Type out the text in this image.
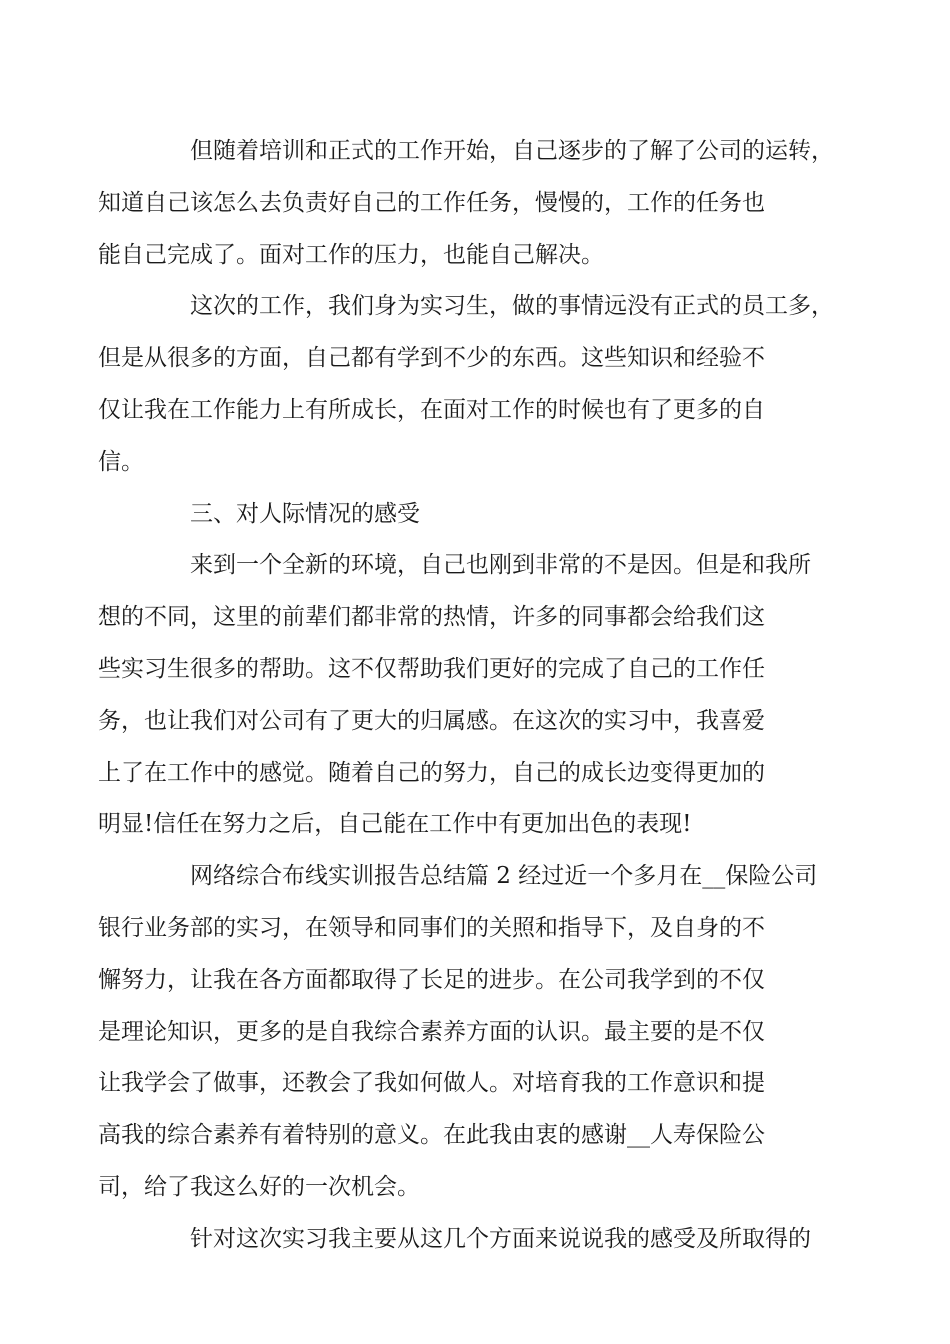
但随着培训和正式的工作开始，自己逐步的了解了公司的运转，
知道自己该怎么去负责好自己的工作任务，慢慢的，工作的任务也
能自己完成了。面对工作的压力，也能自己解决。

这次的工作，我们身为实习生，做的事情远没有正式的员工多，
但是从很多的方面，自己都有学到不少的东西。这些知识和经验不
仅让我在工作能力上有所成长，在面对工作的时候也有了更多的自
信。

三、对人际情况的感受

来到一个全新的环境，自己也刚到非常的不是因。但是和我所
想的不同，这里的前辈们都非常的热情，许多的同事都会给我们这
些实习生很多的帮助。这不仅帮助我们更好的完成了自己的工作任
务，也让我们对公司有了更大的归属感。在这次的实习中，我喜爱
上了在工作中的感觉。随着自己的努力，自己的成长边变得更加的
明显!信任在努力之后，自己能在工作中有更加出色的表现!

网络综合布线实训报告总结篇 2 经过近一个多月在__保险公司
银行业务部的实习，在领导和同事们的关照和指导下，及自身的不
懈努力，让我在各方面都取得了长足的进步。在公司我学到的不仅
是理论知识，更多的是自我综合素养方面的认识。最主要的是不仅
让我学会了做事，还教会了我如何做人。对培育我的工作意识和提
高我的综合素养有着特别的意义。在此我由衷的感谢__人寿保险公
司，给了我这么好的一次机会。

针对这次实习我主要从这几个方面来说说我的感受及所取得的
